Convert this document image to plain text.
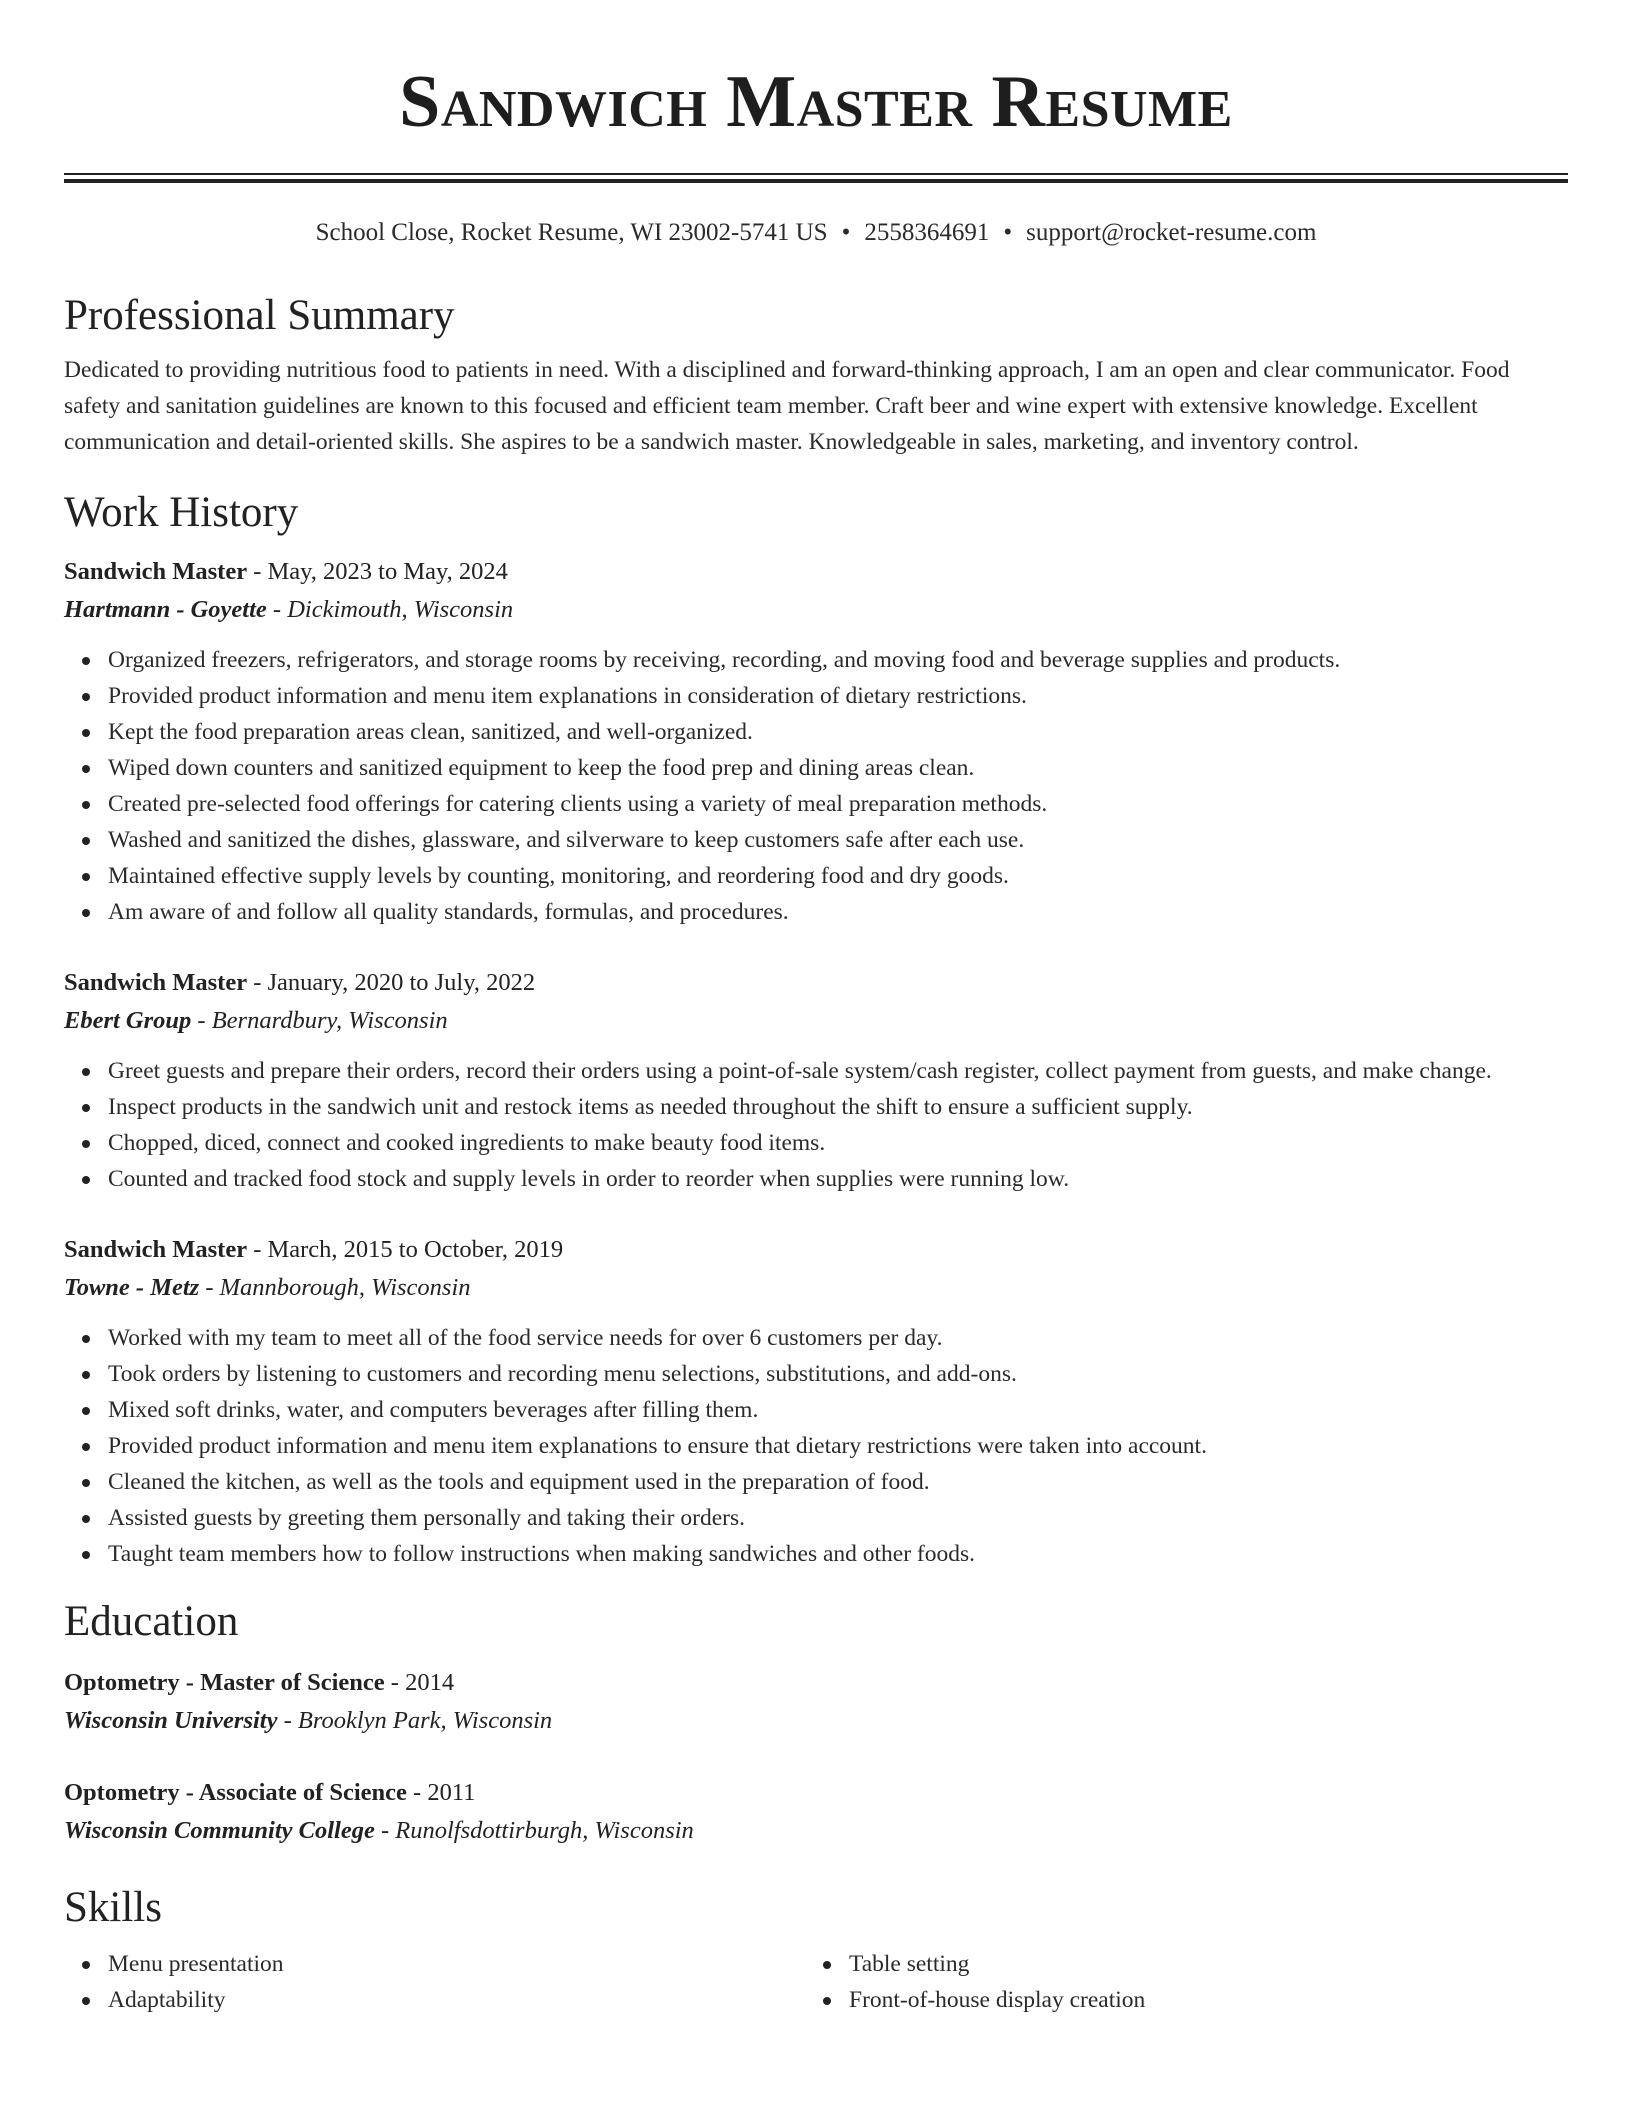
Sandwich Master Resume
School Close, Rocket Resume, WI 23002-5741 US • 2558364691 • support@rocket-resume.com
Professional Summary
Dedicated to providing nutritious food to patients in need. With a disciplined and forward-thinking approach, I am an open and clear communicator. Food safety and sanitation guidelines are known to this focused and efficient team member. Craft beer and wine expert with extensive knowledge. Excellent communication and detail-oriented skills. She aspires to be a sandwich master. Knowledgeable in sales, marketing, and inventory control.
Work History
Sandwich Master - May, 2023 to May, 2024
Hartmann - Goyette - Dickimouth, Wisconsin
Organized freezers, refrigerators, and storage rooms by receiving, recording, and moving food and beverage supplies and products.
Provided product information and menu item explanations in consideration of dietary restrictions.
Kept the food preparation areas clean, sanitized, and well-organized.
Wiped down counters and sanitized equipment to keep the food prep and dining areas clean.
Created pre-selected food offerings for catering clients using a variety of meal preparation methods.
Washed and sanitized the dishes, glassware, and silverware to keep customers safe after each use.
Maintained effective supply levels by counting, monitoring, and reordering food and dry goods.
Am aware of and follow all quality standards, formulas, and procedures.
Sandwich Master - January, 2020 to July, 2022
Ebert Group - Bernardbury, Wisconsin
Greet guests and prepare their orders, record their orders using a point-of-sale system/cash register, collect payment from guests, and make change.
Inspect products in the sandwich unit and restock items as needed throughout the shift to ensure a sufficient supply.
Chopped, diced, connect and cooked ingredients to make beauty food items.
Counted and tracked food stock and supply levels in order to reorder when supplies were running low.
Sandwich Master - March, 2015 to October, 2019
Towne - Metz - Mannborough, Wisconsin
Worked with my team to meet all of the food service needs for over 6 customers per day.
Took orders by listening to customers and recording menu selections, substitutions, and add-ons.
Mixed soft drinks, water, and computers beverages after filling them.
Provided product information and menu item explanations to ensure that dietary restrictions were taken into account.
Cleaned the kitchen, as well as the tools and equipment used in the preparation of food.
Assisted guests by greeting them personally and taking their orders.
Taught team members how to follow instructions when making sandwiches and other foods.
Education
Optometry - Master of Science - 2014
Wisconsin University - Brooklyn Park, Wisconsin
Optometry - Associate of Science - 2011
Wisconsin Community College - Runolfsdottirburgh, Wisconsin
Skills
Menu presentation
Adaptability
Table setting
Front-of-house display creation
